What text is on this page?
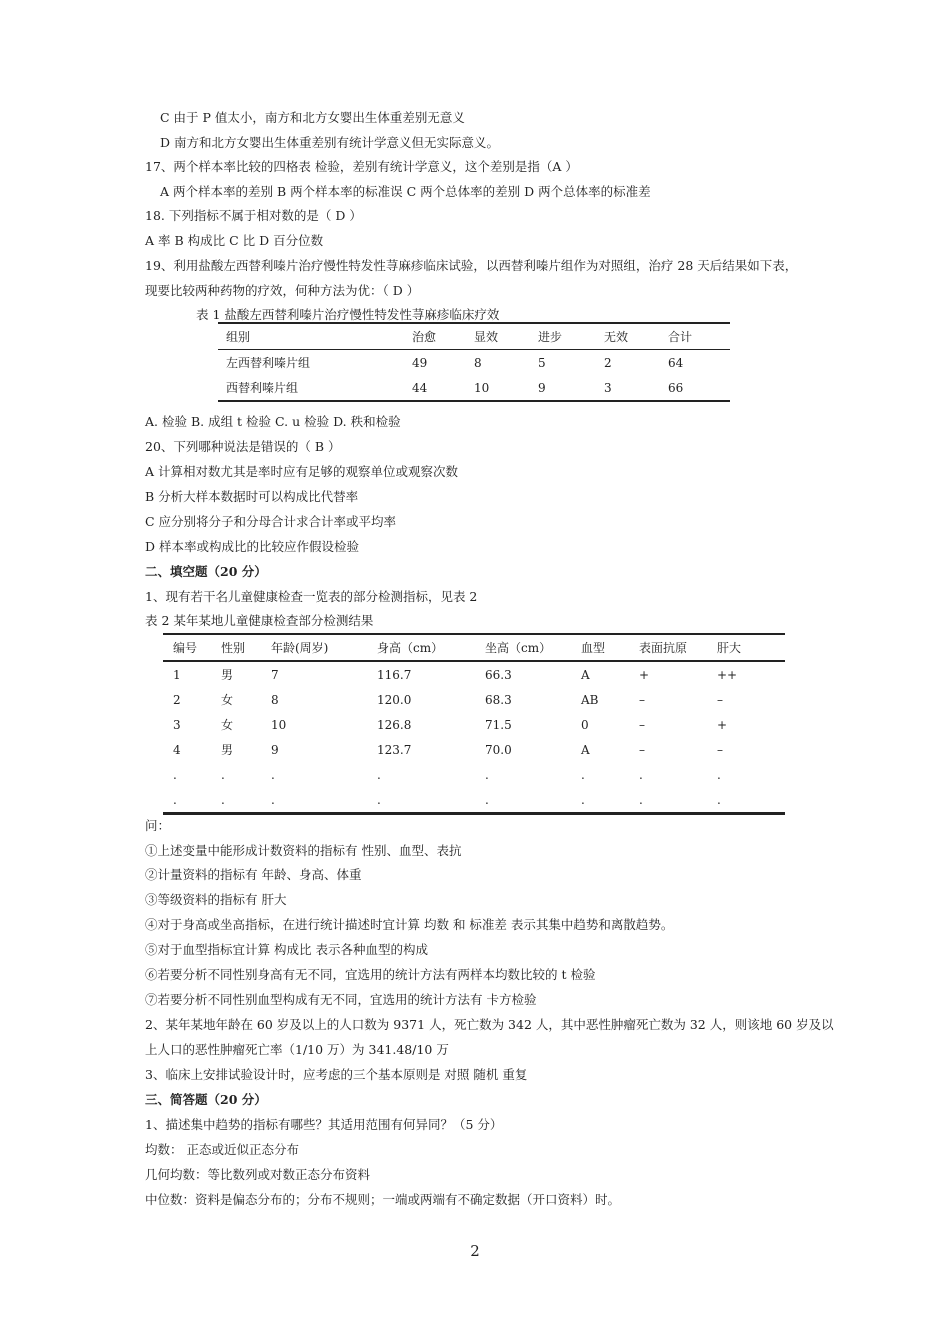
C 由于 P 值太小，南方和北方女婴出生体重差别无意义
D 南方和北方女婴出生体重差别有统计学意义但无实际意义。
17、两个样本率比较的四格表 检验，差别有统计学意义，这个差别是指（A ）
A 两个样本率的差别 B 两个样本率的标准误 C 两个总体率的差别 D 两个总体率的标准差
18. 下列指标不属于相对数的是（ D ）
A 率 B 构成比 C 比 D 百分位数
19、利用盐酸左西替利嗪片治疗慢性特发性荨麻疹临床试验，以西替利嗪片组作为对照组，治疗 28 天后结果如下表，
现要比较两种药物的疗效，何种方法为优：（ D ）
表 1 盐酸左西替利嗪片治疗慢性特发性荨麻疹临床疗效
A. 检验 B. 成组 t 检验 C. u 检验 D. 秩和检验
20、下列哪种说法是错误的（ B ）
A 计算相对数尤其是率时应有足够的观察单位或观察次数
B 分析大样本数据时可以构成比代替率
C 应分别将分子和分母合计求合计率或平均率
D 样本率或构成比的比较应作假设检验
二、填空题（20 分）
1、现有若干名儿童健康检查一览表的部分检测指标，见表 2
表 2 某年某地儿童健康检查部分检测结果
问：
①上述变量中能形成计数资料的指标有 性别、血型、表抗
②计量资料的指标有 年龄、身高、体重
③等级资料的指标有 肝大
④对于身高或坐高指标，在进行统计描述时宜计算 均数 和 标准差 表示其集中趋势和离散趋势。
⑤对于血型指标宜计算 构成比 表示各种血型的构成
⑥若要分析不同性别身高有无不同，宜选用的统计方法有两样本均数比较的 t 检验
⑦若要分析不同性别血型构成有无不同，宜选用的统计方法有 卡方检验
2、某年某地年龄在 60 岁及以上的人口数为 9371 人，死亡数为 342 人，其中恶性肿瘤死亡数为 32 人，则该地 60 岁及以
上人口的恶性肿瘤死亡率（1/10 万）为 341.48/10 万
3、临床上安排试验设计时，应考虑的三个基本原则是 对照 随机 重复
三、简答题（20 分）
1、描述集中趋势的指标有哪些？其适用范围有何异同？（5 分）
均数： 正态或近似正态分布
几何均数：等比数列或对数正态分布资料
中位数：资料是偏态分布的；分布不规则；一端或两端有不确定数据（开口资料）时。
组别	治愈	显效	进步	无效	合计
左西替利嗪片组	49	8	5	2	64
西替利嗪片组	44	10	9	3	66
编号	性别	年龄(周岁)	身高（cm）	坐高（cm）	血型	表面抗原	肝大
1	男	7	116.7	66.3	A	+	++
2	女	8	120.0	68.3	AB	–	–
3	女	10	126.8	71.5	0	–	+
4	男	9	123.7	70.0	A	–	–
.	.	.	.	.	.	.	.
.	.	.	.	.	.	.	.
2
